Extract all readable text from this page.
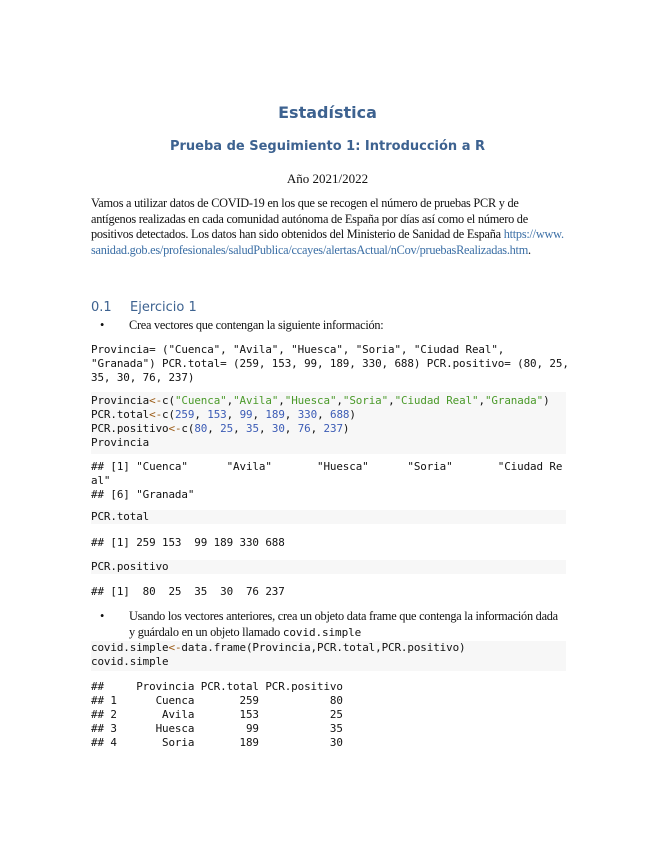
Estadística
Prueba de Seguimiento 1: Introducción a R
Año 2021/2022
Vamos a utilizar datos de COVID-19 en los que se recogen el número de pruebas PCR y de antígenos realizadas en cada comunidad autónoma de España por días así como el número de positivos detectados. Los datos han sido obtenidos del Ministerio de Sanidad de España https://www.sanidad.gob.es/profesionales/saludPublica/ccayes/alertasActual/nCov/pruebasRealizadas.htm.
0.1 Ejercicio 1
• Crea vectores que contengan la siguiente información:
Provincia= ("Cuenca", "Avila", "Huesca", "Soria", "Ciudad Real",
"Granada") PCR.total= (259, 153, 99, 189, 330, 688) PCR.positivo= (80, 25,
35, 30, 76, 237)
Provincia<-c("Cuenca","Avila","Huesca","Soria","Ciudad Real","Granada")
PCR.total<-c(259, 153, 99, 189, 330, 688)
PCR.positivo<-c(80, 25, 35, 30, 76, 237)
Provincia
## [1] "Cuenca"      "Avila"       "Huesca"      "Soria"       "Ciudad Re
al"
## [6] "Granada"
PCR.total
## [1] 259 153  99 189 330 688
PCR.positivo
## [1]  80  25  35  30  76 237
• Usando los vectores anteriores, crea un objeto data frame que contenga la información dada y guárdalo en un objeto llamado covid.simple
covid.simple<-data.frame(Provincia,PCR.total,PCR.positivo)
covid.simple
##     Provincia PCR.total PCR.positivo
## 1      Cuenca       259           80
## 2       Avila       153           25
## 3      Huesca        99           35
## 4       Soria       189           30
